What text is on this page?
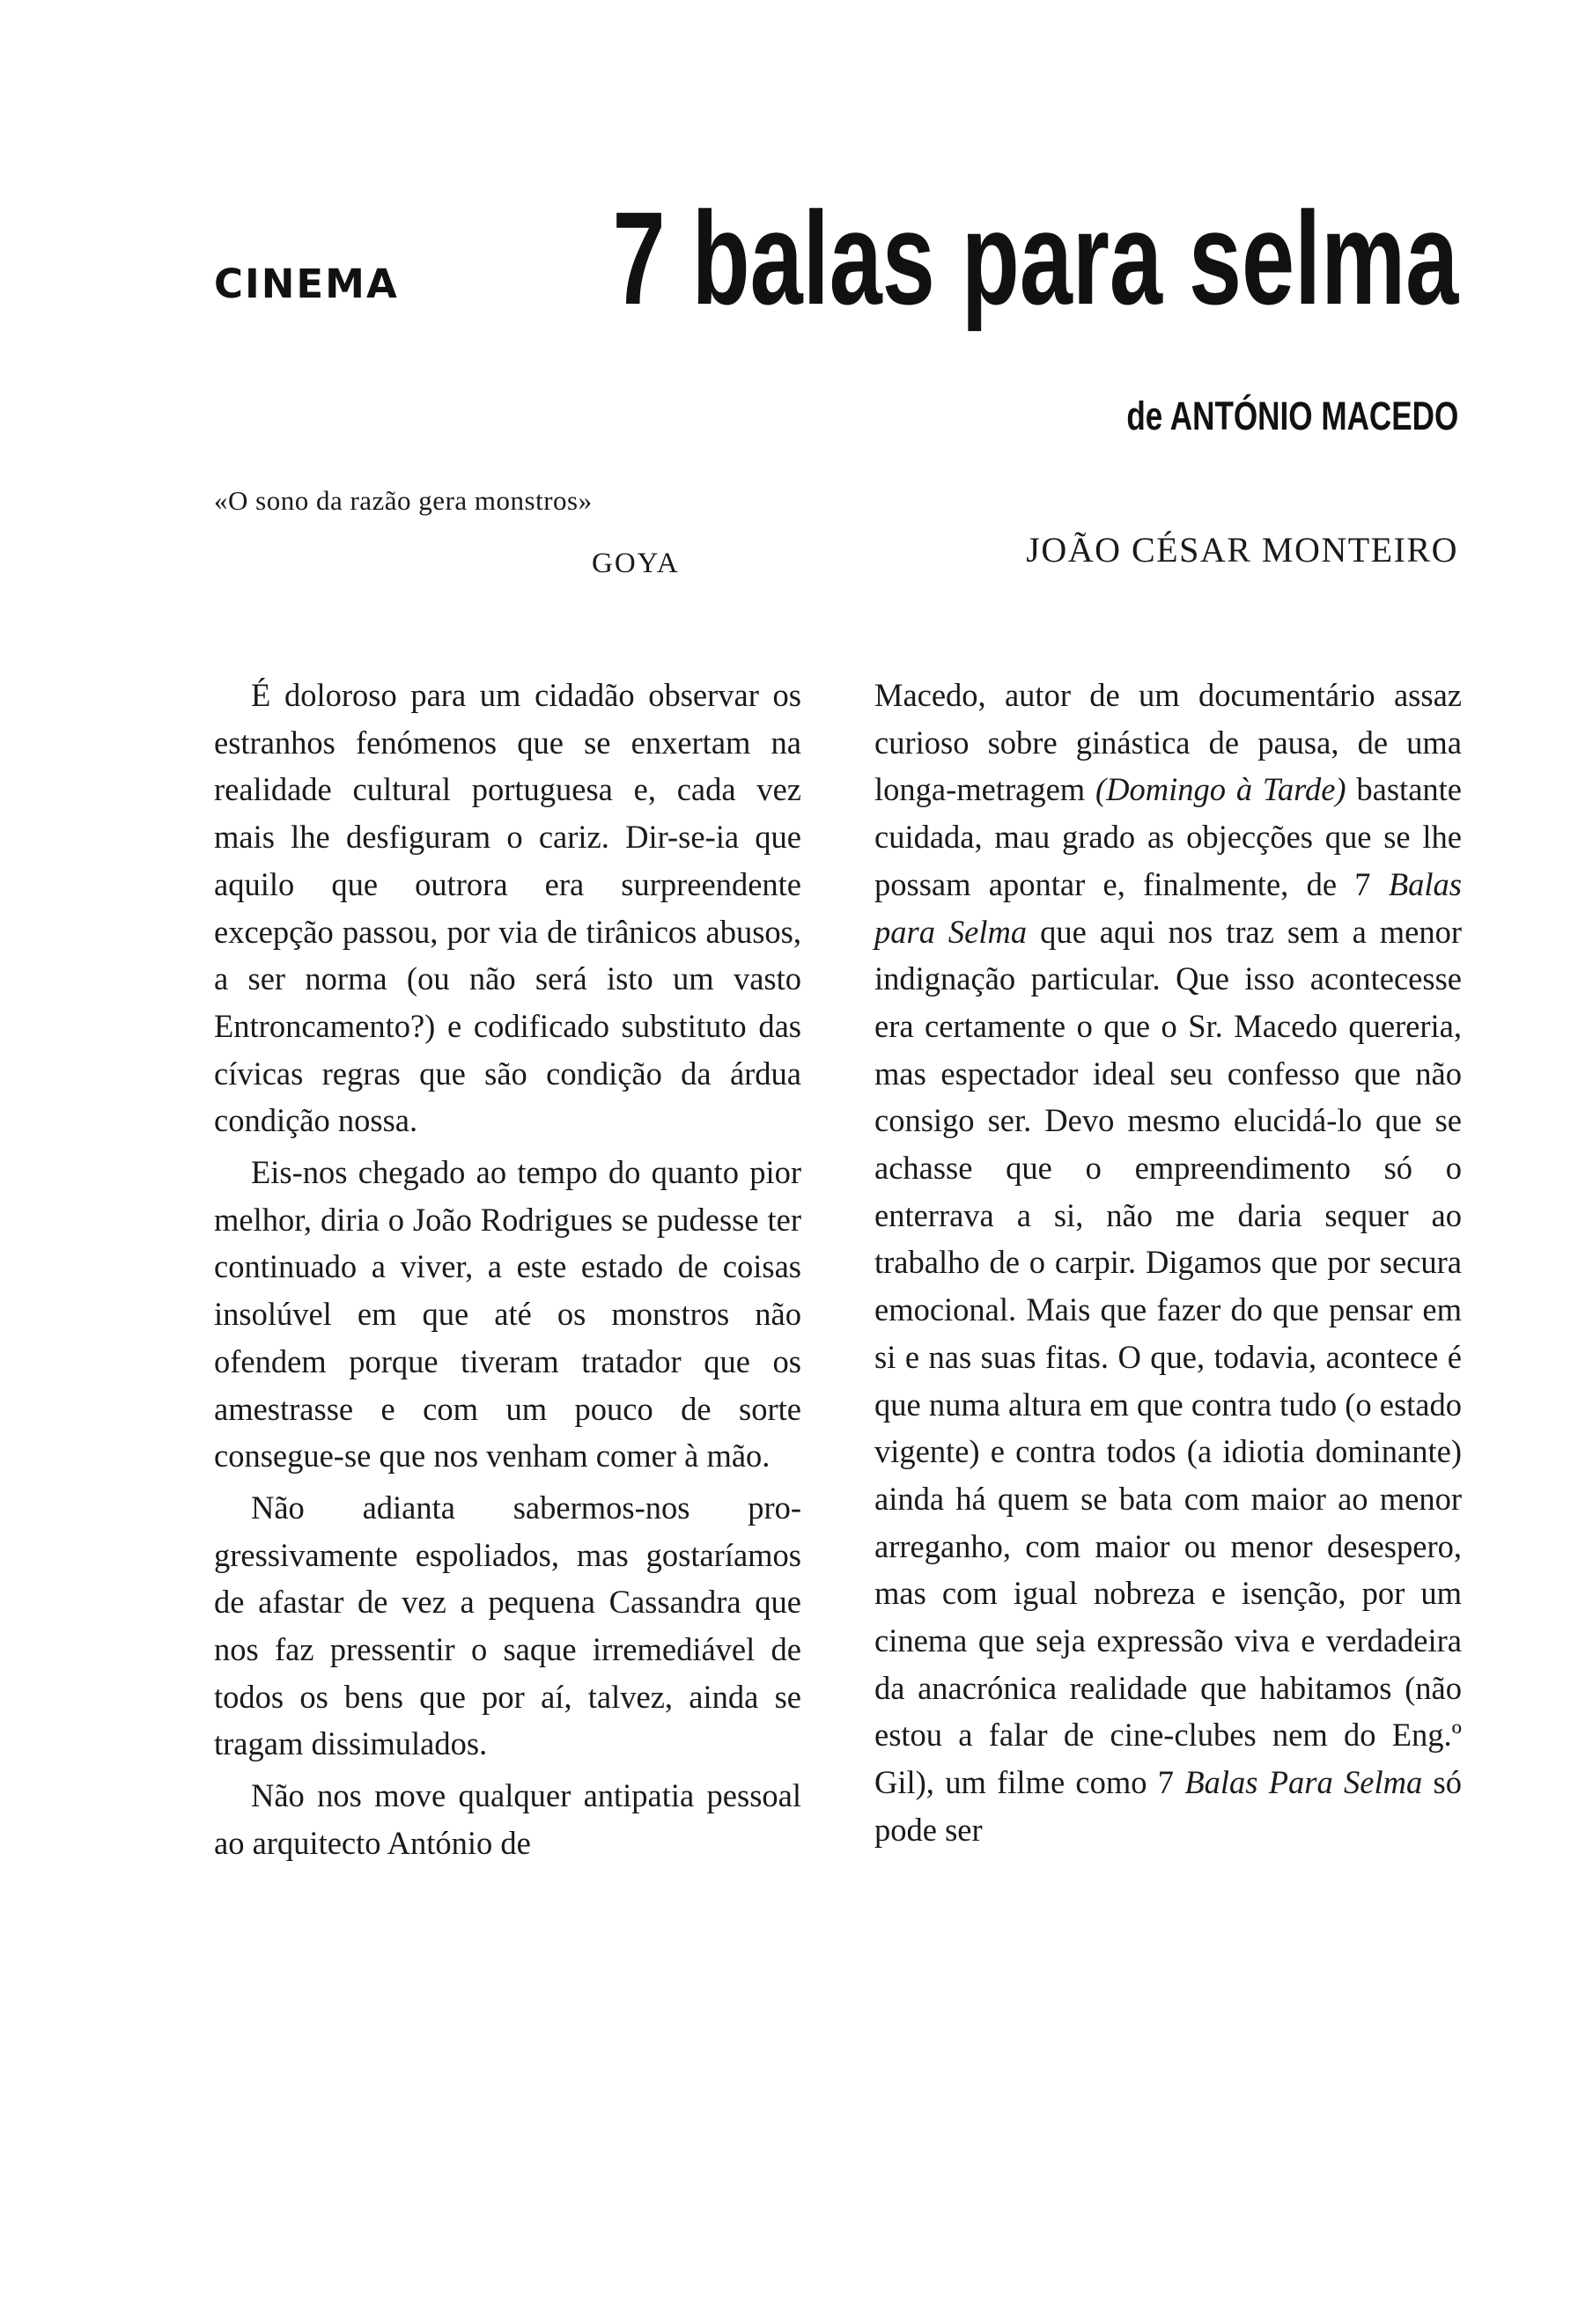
CINEMA 7 balas para selma
de ANTÓNIO MACEDO
«O sono da razão gera monstros»
GOYA	JOÃO CÉSAR MONTEIRO

É doloroso para um cidadão observar os estranhos fenómenos que se enxertam na realidade cultural portuguesa e, cada vez mais lhe desfiguram o cariz. Dir-se-ia que aquilo que outrora era surpreendente excepção passou, por via de tirânicos abusos, a ser norma (ou não será isto um vasto Entroncamento?) e codificado substituto das cívicas regras que são condição da árdua condição nossa.

Eis-nos chegado ao tempo do quanto pior melhor, diria o João Rodrigues se pudesse ter continuado a viver, a este estado de coisas insolúvel em que até os monstros não ofendem porque tiveram tratador que os amestrasse e com um pouco de sorte consegue-se que nos venham comer à mão.

Não adianta sabermos-nos progressivamente espoliados, mas gostaríamos de afastar de vez a pequena Cassandra que nos faz pressentir o saque irremediável de todos os bens que por aí, talvez, ainda se tragam dissimulados.

Não nos move qualquer antipatia pessoal ao arquitecto António de

Macedo, autor de um documentário assaz curioso sobre ginástica de pausa, de uma longa-metragem (Domingo à Tarde) bastante cuidada, mau grado as objecções que se lhe possam apontar e, finalmente, de 7 Balas para Selma que aqui nos traz sem a menor indignação particular. Que isso acontecesse era certamente o que o Sr. Macedo quereria, mas espectador ideal seu confesso que não consigo ser. Devo mesmo elucidá-lo que se achasse que o empreendimento só o enterrava a si, não me daria sequer ao trabalho de o carpir. Digamos que por secura emocional. Mais que fazer do que pensar em si e nas suas fitas. O que, todavia, acontece é que numa altura em que contra tudo (o estado vigente) e contra todos (a idiotia dominante) ainda há quem se bata com maior ao menor arreganho, com maior ou menor desespero, mas com igual nobreza e isenção, por um cinema que seja expressão viva e verdadeira da anacrónica realidade que habitamos (não estou a falar de cine-clubes nem do Eng.º Gil), um filme como 7 Balas Para Selma só pode ser
